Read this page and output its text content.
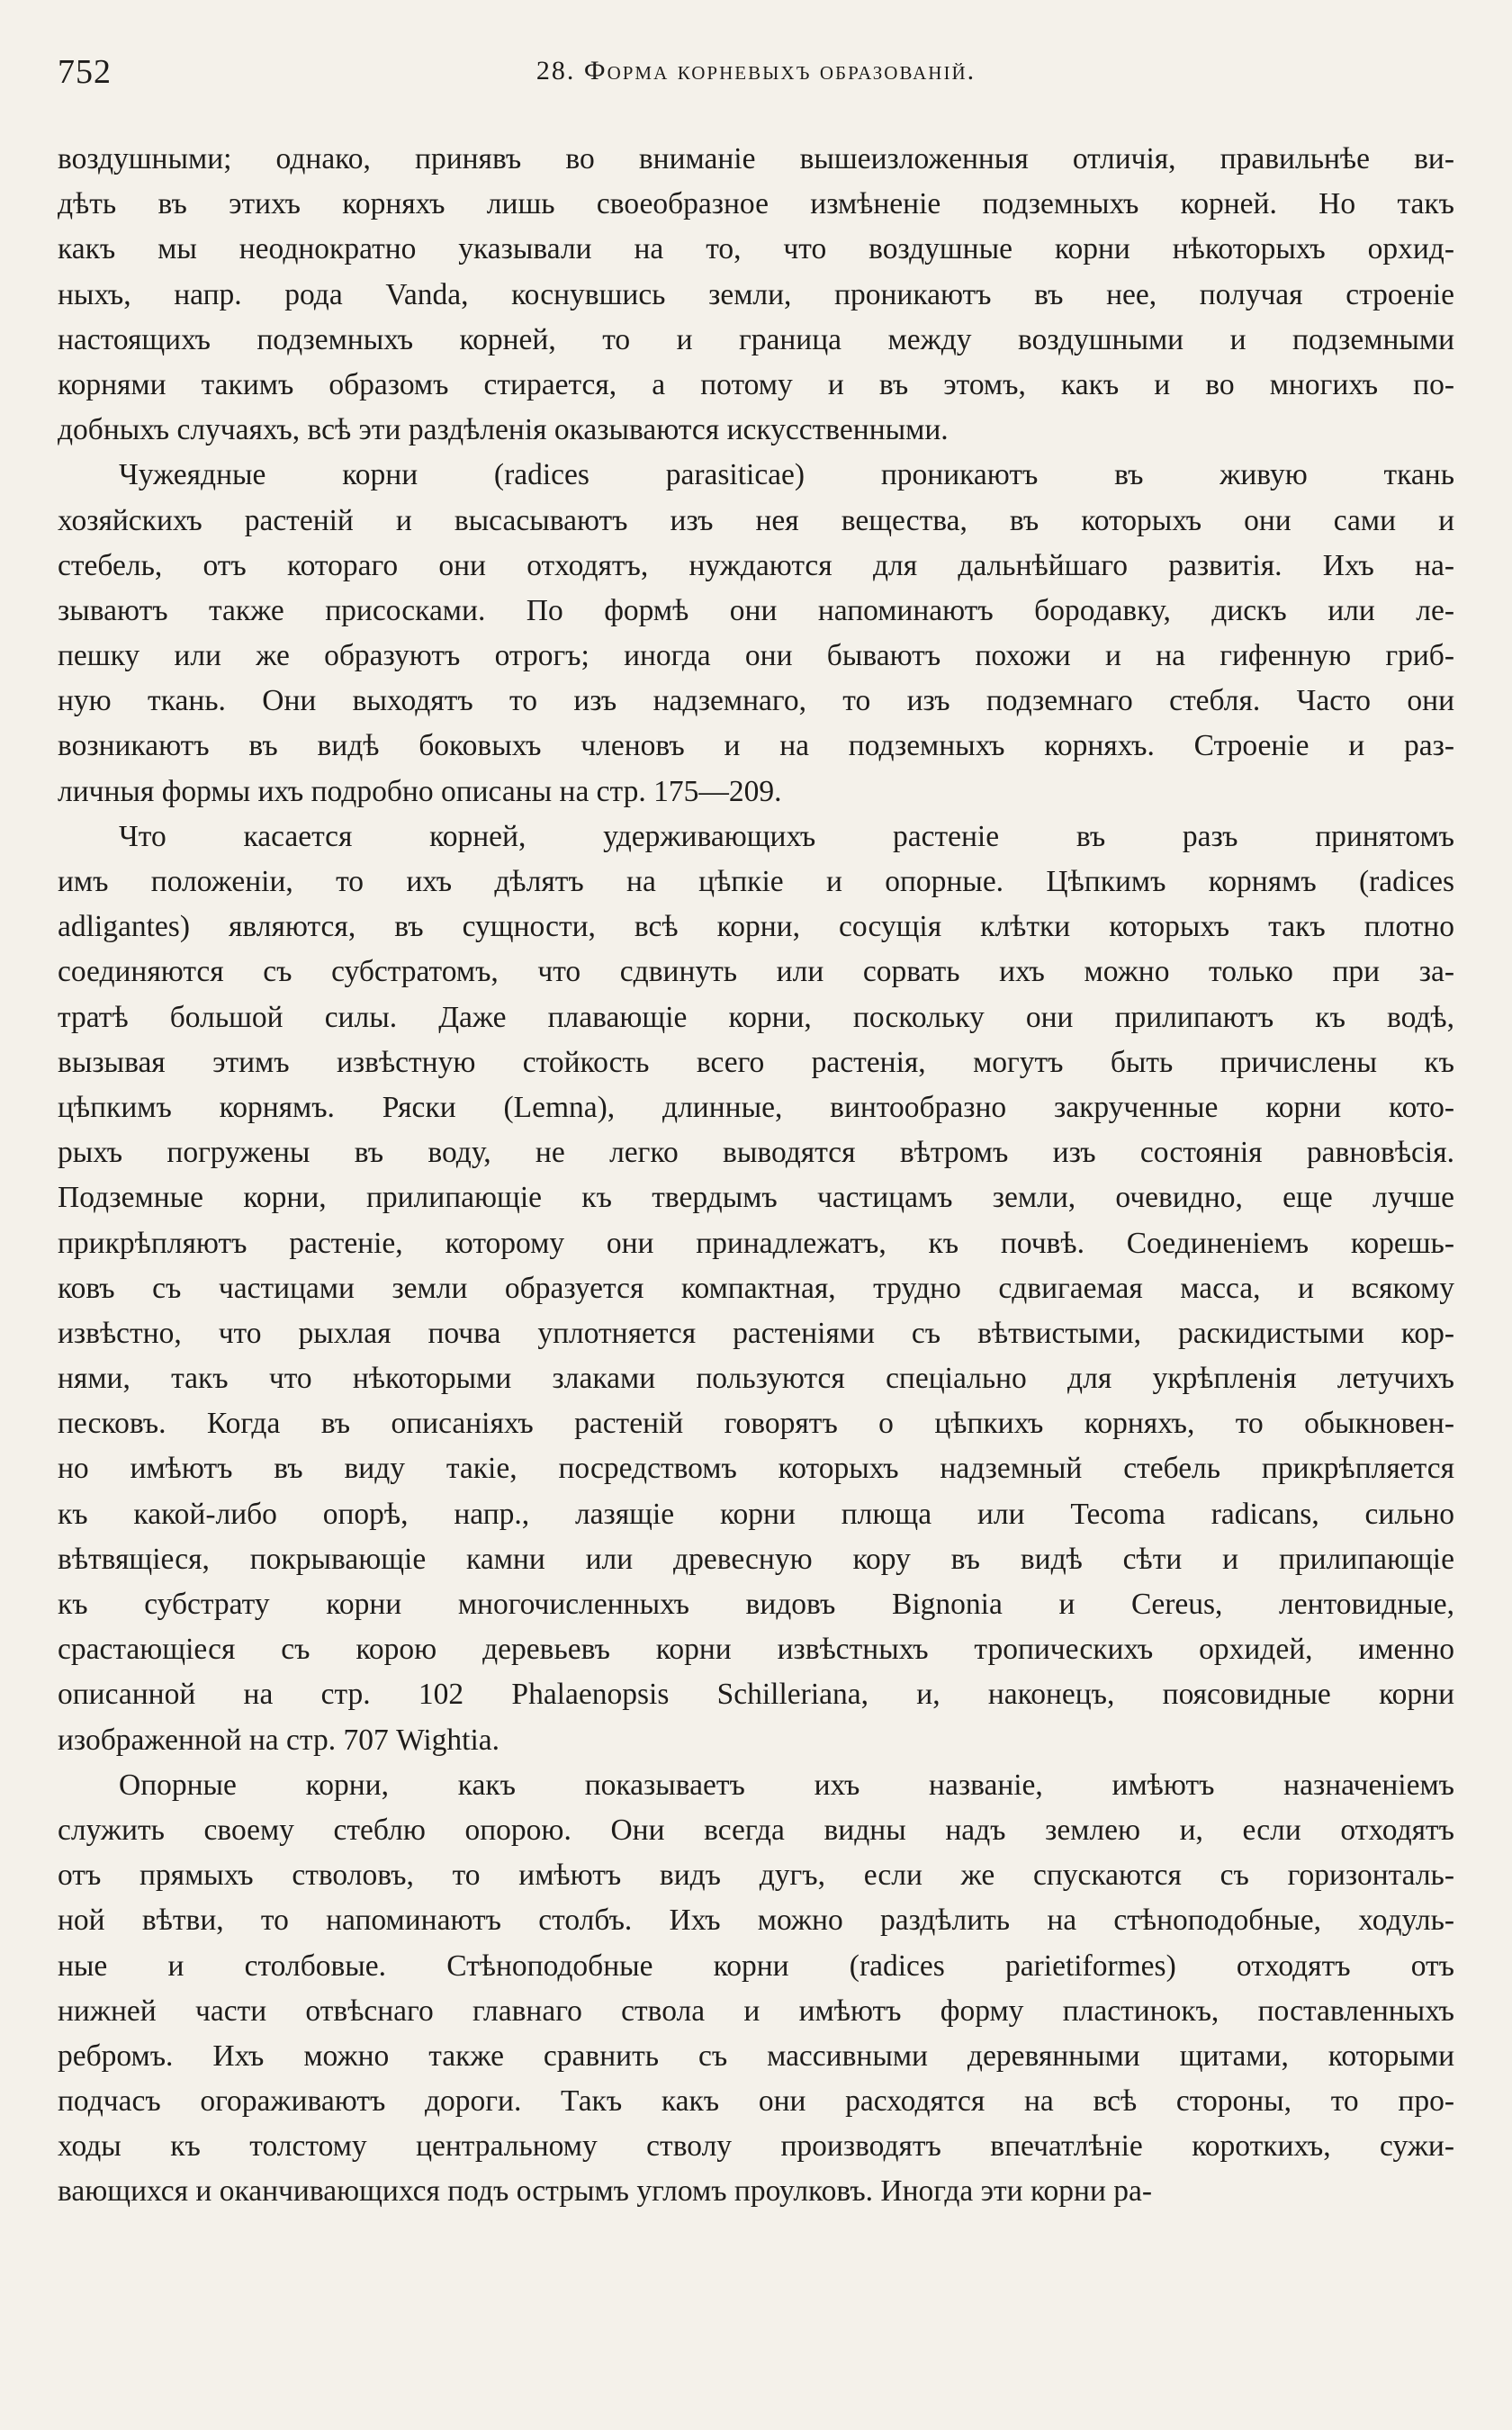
752	28. Форма корневыхъ образованій.
воздушными; однако, принявъ во вниманіе вышеизложенныя отличія, правильнѣе ви-
дѣть въ этихъ корняхъ лишь своеобразное измѣненіе подземныхъ корней. Но такъ
какъ мы неоднократно указывали на то, что воздушные корни нѣкоторыхъ орхид-
ныхъ, напр. рода Vanda, коснувшись земли, проникаютъ въ нее, получая строеніе
настоящихъ подземныхъ корней, то и граница между воздушными и подземными
корнями такимъ образомъ стирается, а потому и въ этомъ, какъ и во многихъ по-
добныхъ случаяхъ, всѣ эти раздѣленія оказываются искусственными.
Чужеядные корни (radices parasiticae) проникаютъ въ живую ткань
хозяйскихъ растеній и высасываютъ изъ нея вещества, въ которыхъ они сами и
стебель, отъ котораго они отходятъ, нуждаются для дальнѣйшаго развитія. Ихъ на-
зываютъ также присосками. По формѣ они напоминаютъ бородавку, дискъ или ле-
пешку или же образуютъ отрогъ; иногда они бываютъ похожи и на гифенную гриб-
ную ткань. Они выходятъ то изъ надземнаго, то изъ подземнаго стебля. Часто они
возникаютъ въ видѣ боковыхъ членовъ и на подземныхъ корняхъ. Строеніе и раз-
личныя формы ихъ подробно описаны на стр. 175—209.
Что касается корней, удерживающихъ растеніе въ разъ принятомъ
имъ положеніи, то ихъ дѣлятъ на цѣпкіе и опорные. Цѣпкимъ корнямъ (radices
adligantes) являются, въ сущности, всѣ корни, сосущія клѣтки которыхъ такъ плотно
соединяются съ субстратомъ, что сдвинуть или сорвать ихъ можно только при за-
тратѣ большой силы. Даже плавающіе корни, поскольку они прилипаютъ къ водѣ,
вызывая этимъ извѣстную стойкость всего растенія, могутъ быть причислены къ
цѣпкимъ корнямъ. Ряски (Lemna), длинные, винтообразно закрученные корни кото-
рыхъ погружены въ воду, не легко выводятся вѣтромъ изъ состоянія равновѣсія.
Подземные корни, прилипающіе къ твердымъ частицамъ земли, очевидно, еще лучше
прикрѣпляютъ растеніе, которому они принадлежатъ, къ почвѣ. Соединеніемъ корешь-
ковъ съ частицами земли образуется компактная, трудно сдвигаемая масса, и всякому
извѣстно, что рыхлая почва уплотняется растеніями съ вѣтвистыми, раскидистыми кор-
нями, такъ что нѣкоторыми злаками пользуются спеціально для укрѣпленія летучихъ
песковъ. Когда въ описаніяхъ растеній говорятъ о цѣпкихъ корняхъ, то обыкновен-
но имѣютъ въ виду такіе, посредствомъ которыхъ надземный стебель прикрѣпляется
къ какой-либо опорѣ, напр., лазящіе корни плюща или Tecoma radicans, сильно
вѣтвящіеся, покрывающіе камни или древесную кору въ видѣ сѣти и прилипающіе
къ субстрату корни многочисленныхъ видовъ Bignonia и Cereus, лентовидные,
срастающіеся съ корою деревьевъ корни извѣстныхъ тропическихъ орхидей, именно
описанной на стр. 102 Phalaenopsis Schilleriana, и, наконецъ, поясовидные корни
изображенной на стр. 707 Wightia.
Опорные корни, какъ показываетъ ихъ названіе, имѣютъ назначеніемъ
служить своему стеблю опорою. Они всегда видны надъ землею и, если отходятъ
отъ прямыхъ стволовъ, то имѣютъ видъ дугъ, если же спускаются съ горизонталь-
ной вѣтви, то напоминаютъ столбъ. Ихъ можно раздѣлить на стѣноподобные, ходуль-
ные и столбовые. Стѣноподобные корни (radices parietiformes) отходятъ отъ
нижней части отвѣснаго главнаго ствола и имѣютъ форму пластинокъ, поставленныхъ
ребромъ. Ихъ можно также сравнить съ массивными деревянными щитами, которыми
подчасъ огораживаютъ дороги. Такъ какъ они расходятся на всѣ стороны, то про-
ходы къ толстому центральному стволу производятъ впечатлѣніе короткихъ, сужи-
вающихся и оканчивающихся подъ острымъ угломъ проулковъ. Иногда эти корни ра-
